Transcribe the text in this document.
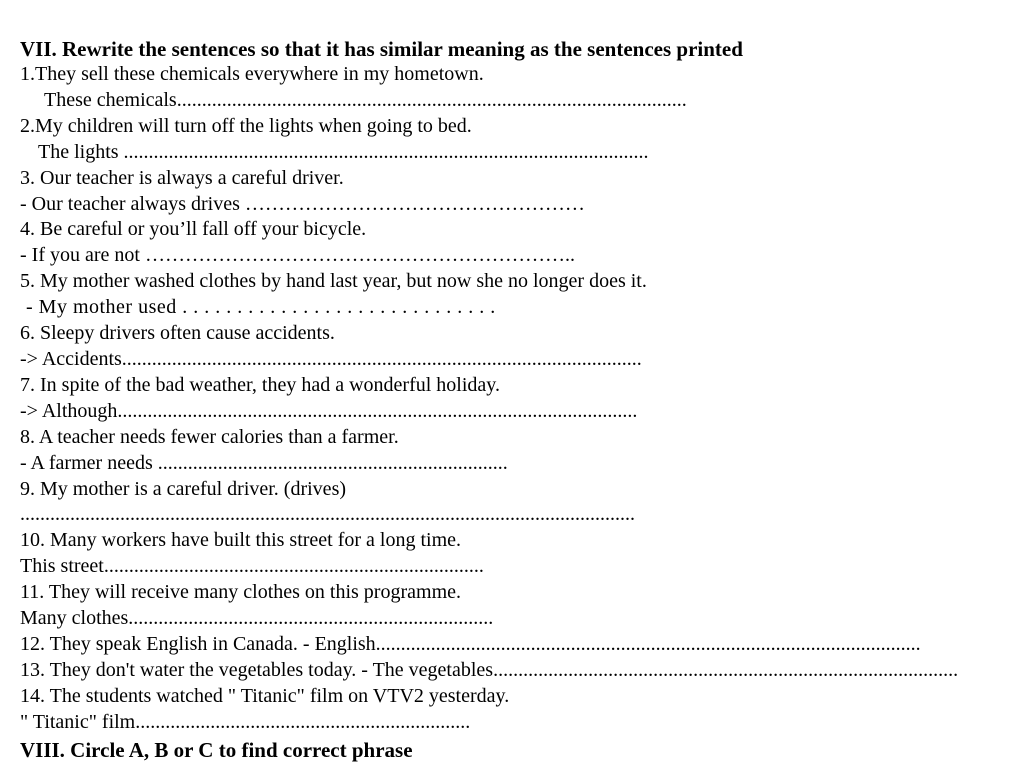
VII. Rewrite the sentences so that it has similar meaning as the sentences printed
1.They sell these chemicals everywhere in my hometown.
These chemicals......................................................................................................
2.My children will turn off the lights when going to bed.
The lights .........................................................................................................
3. Our teacher is always a careful driver.
- Our teacher always drives ……………………………………………
4. Be careful or you’ll fall off your bicycle.
- If you are not ………………………………………………………..
5. My mother washed clothes by hand last year, but now she no longer does it.
- My mother used . . . . . . . . . . . . . . . . . . . . . . . . . . . . .
6. Sleepy drivers often cause accidents.
-> Accidents........................................................................................................
7. In spite of the bad weather, they had a wonderful holiday.
-> Although........................................................................................................
8. A teacher needs fewer calories than a farmer.
- A farmer needs ......................................................................
9. My mother is a careful driver. (drives)
...........................................................................................................................
10. Many workers have built this street for a long time.
This street............................................................................
11. They will receive many clothes on this programme.
Many clothes.........................................................................
12. They speak English in Canada. - English.............................................................................................................
13. They don't water the vegetables today. - The vegetables.............................................................................................
14. The students watched " Titanic" film on VTV2 yesterday.
" Titanic" film...................................................................
VIII. Circle A, B or C to find correct phrase
